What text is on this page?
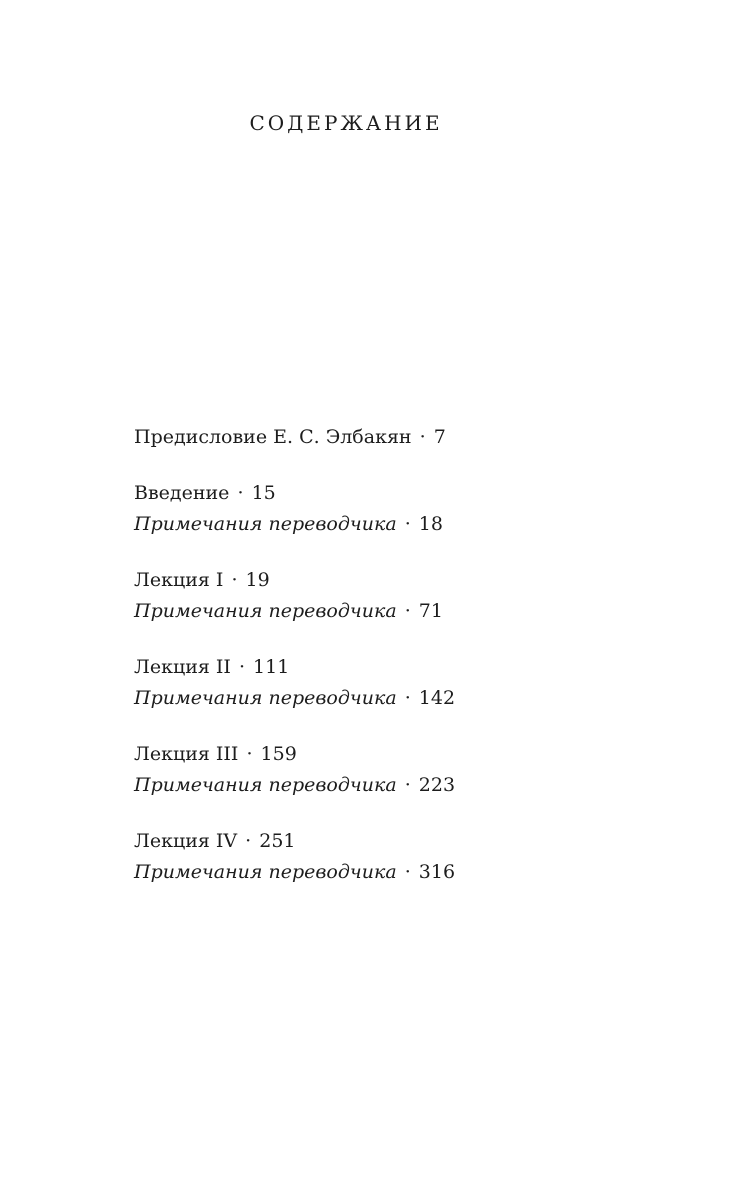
СОДЕРЖАНИЕ
Предисловие Е. С. Элбакян · 7
Введение · 15
Примечания переводчика · 18
Лекция I · 19
Примечания переводчика · 71
Лекция II · 111
Примечания переводчика · 142
Лекция III · 159
Примечания переводчика · 223
Лекция IV · 251
Примечания переводчика · 316
